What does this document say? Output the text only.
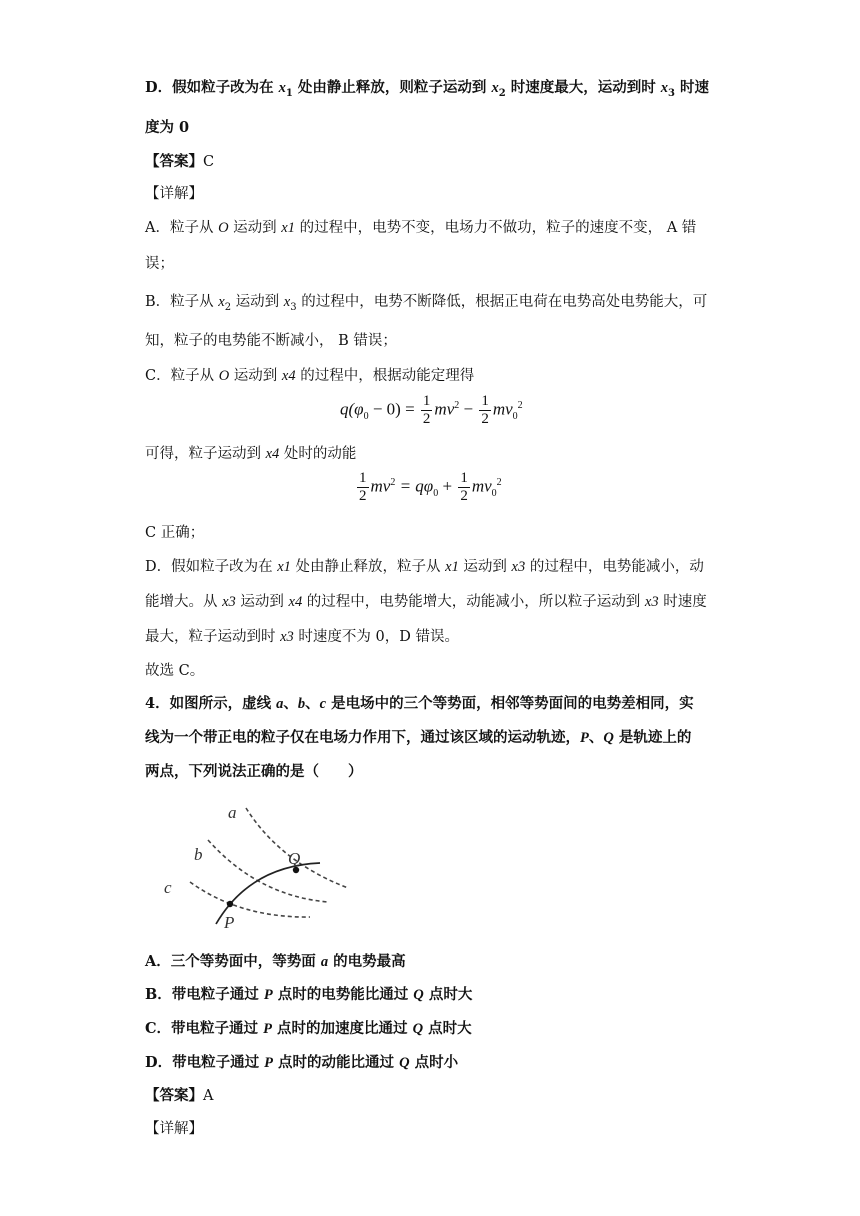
D．假如粒子改为在 $x_1$ 处由静止释放，则粒子运动到 $x_2$ 时速度最大，运动到时 $x_3$ 时速
度为 0
【答案】C
【详解】
A．粒子从 O 运动到 x1 的过程中，电势不变，电场力不做功，粒子的速度不变， A 错
误；
B．粒子从 $x_2$ 运动到 $x_3$ 的过程中，电势不断降低，根据正电荷在电势高处电势能大，可
知，粒子的电势能不断减小， B 错误；
C．粒子从 O 运动到 x4 的过程中，根据动能定理得
$q(\varphi_0 - 0) = \frac{1}{2} mv^2 - \frac{1}{2} mv_0^2$
可得，粒子运动到 x4 处时的动能
$\frac{1}{2} mv^2 = q\varphi_0 + \frac{1}{2} mv_0^2$
C 正确；
D．假如粒子改为在 x1 处由静止释放，粒子从 x1 运动到 x3 的过程中，电势能减小，动
能增大。从 x3 运动到 x4 的过程中，电势能增大，动能减小，所以粒子运动到 x3 时速度
最大，粒子运动到时 x3 时速度不为 0，D 错误。
故选 C。
4．如图所示，虚线 a、b、c 是电场中的三个等势面，相邻等势面间的电势差相同，实
线为一个带正电的粒子仅在电场力作用下，通过该区域的运动轨迹，P、Q 是轨迹上的
两点，下列说法正确的是（　　）
a
b
c
P
Q
A．三个等势面中，等势面 a 的电势最高
B．带电粒子通过 P 点时的电势能比通过 Q 点时大
C．带电粒子通过 P 点时的加速度比通过 Q 点时大
D．带电粒子通过 P 点时的动能比通过 Q 点时小
【答案】A
【详解】
